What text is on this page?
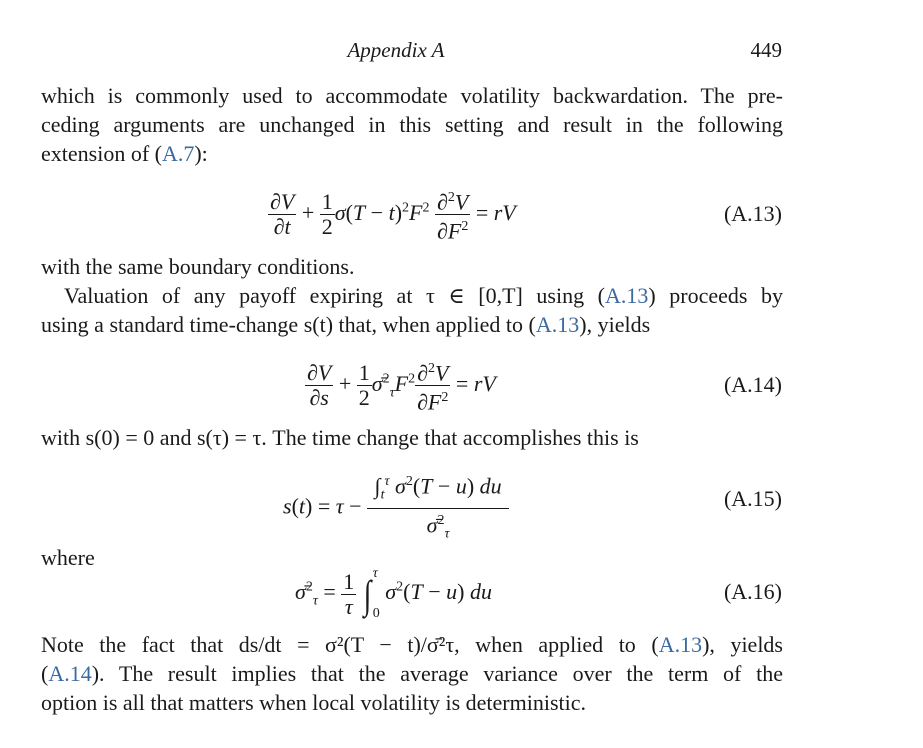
Appendix A	449
which is commonly used to accommodate volatility backwardation. The pre-
ceding arguments are unchanged in this setting and result in the following
extension of (A.7):
$\frac{\partial V}{\partial t} + \frac{1}{2} \sigma(T - t)^2F^2 \frac{\partial^2V}{\partial F^2}$ = rV	(A.13)
with the same boundary conditions.
Valuation of any payoff expiring at τ ∈ [0,T] using (A.13) proceeds by
using a standard time-change s(t) that, when applied to (A.13), yields
$\frac{\partial V}{\partial s} + \frac{1}{2}$ $\sigmā^2_\tau F^2 \frac{\partial^2V}{\partial F^2}$ = rV	(A.14)
with s(0) = 0 and s(τ) = τ. The time change that accomplishes this is
$s(t) = \tau - \frac{\int_t^\tau \sigma^2(T - u) du}{\sigmā^2_\tau}$	(A.15)
where
σ̄$^2_\tau$ = $\frac{1}{\tau}$ ∫ τ

0
$\sigma^2(T - u)$ du	(A.16)
Note the fact that ds/dt = σ²(T − t)/σ̄²τ, when applied to (A.13), yields
(A.14). The result implies that the average variance over the term of the
option is all that matters when local volatility is deterministic.
